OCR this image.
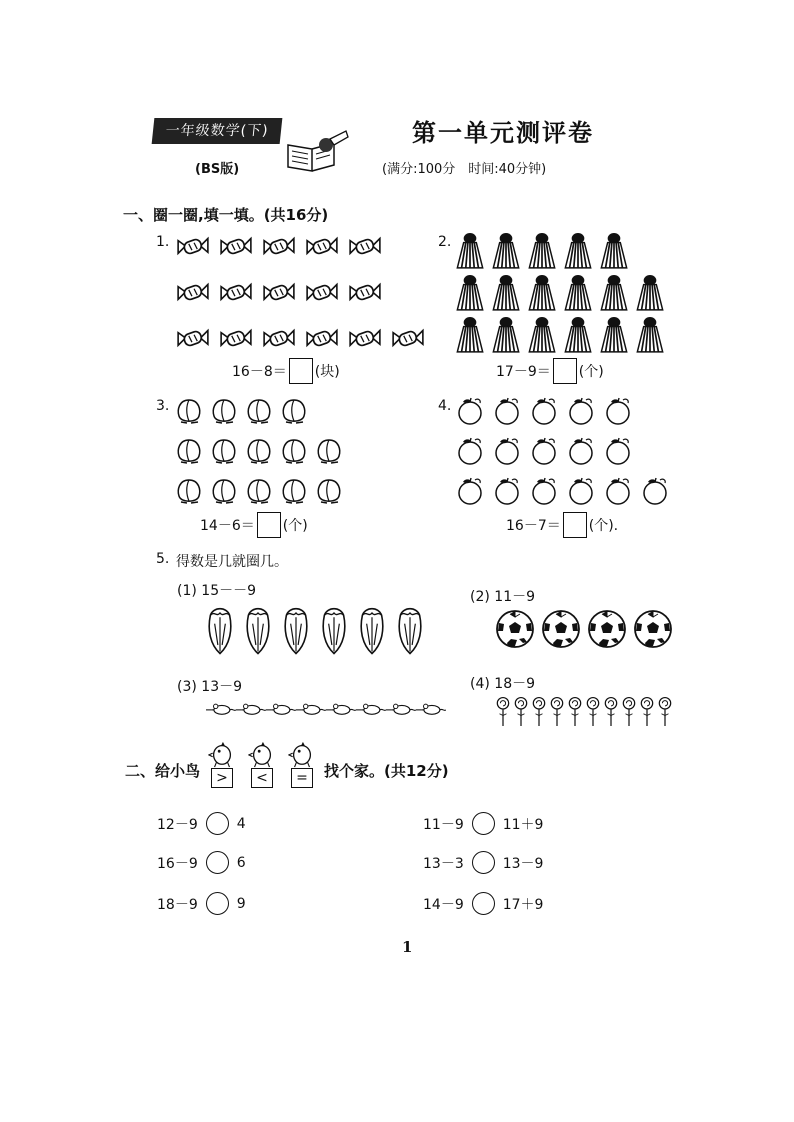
一年级数学(下)
(BS版)
第一单元测评卷
(满分:100分　时间:40分钟)
一、圈一圈,填一填。(共16分)
1.
16－8＝ (块)
2.
17－9＝ (个)
3.
14－6＝ (个)
4.
16－7＝ (个).
5. 得数是几就圈几。
(1) 15－－9	(2) 11－9
(3) 13－9	(4) 18－9
二、给小鸟	>	<	=	找个家。(共12分)
12－9	4	11－9	11＋9
16－9	6	13－3	13－9
18－9	9	14－9	17＋9
1
